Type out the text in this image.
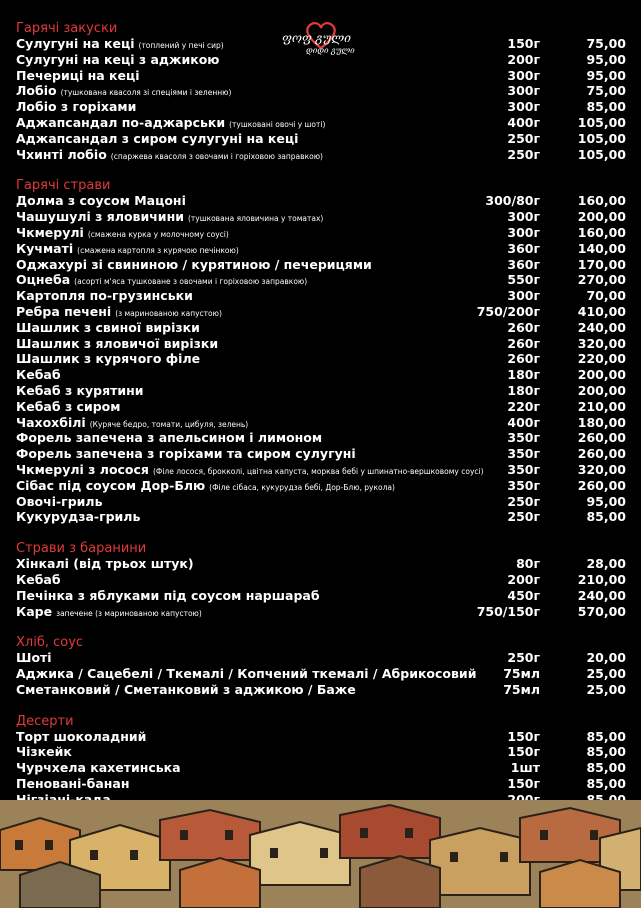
ფოფ გული
დიდი გული
Гарячі закуски
Сулугуні на кеці (топлений у печі сир)	150г	75,00
Сулугуні на кеці з аджикою	200г	95,00
Печериці на кеці	300г	95,00
Лобіо (тушкована квасоля зі спеціями і зеленню)	300г	75,00
Лобіо з горіхами	300г	85,00
Аджапсандал по-аджарськи (тушковані овочі у шоті)	400г	105,00
Аджапсандал з сиром сулугуні на кеці	250г	105,00
Чхинті лобіо (спаржева квасоля з овочами і горіховою заправкою)	250г	105,00
Гарячі страви
Долма з соусом Мацоні	300/80г	160,00
Чашушулі з яловичини (тушкована яловичина у томатах)	300г	200,00
Чкмерулі (смажена курка у молочному соусі)	300г	160,00
Кучматі (смажена картопля з курячою печінкою)	360г	140,00
Оджахурі зі свининою / курятиною / печерицями	360г	170,00
Оцнеба (асорті м'яса тушковане з овочами і горіховою заправкою)	550г	270,00
Картопля по-грузинськи	300г	70,00
Ребра печені (з маринованою капустою)	750/200г	410,00
Шашлик з свиної вирізки	260г	240,00
Шашлик з яловичої вирізки	260г	320,00
Шашлик з курячого філе	260г	220,00
Кебаб	180г	200,00
Кебаб з курятини	180г	200,00
Кебаб з сиром	220г	210,00
Чахохбілі (Куряче бедро, томати, цибуля, зелень)	400г	180,00
Форель запечена з апельсином і лимоном	350г	260,00
Форель запечена з горіхами та сиром сулугуні	350г	260,00
Чкмерулі з лосося (Філе лосося, брокколі, цвітна капуста, морква бебі у шпинатно-вершковому соусі) 350г	320,00
Сібас під соусом Дор-Блю (Філе сібаса, кукурудза бебі, Дор-Блю, рукола)	350г	260,00
Овочі-гриль	250г	95,00
Кукурудза-гриль	250г	85,00
Страви з баранини
Хінкалі (від трьох штук)	80г	28,00
Кебаб	200г	210,00
Печінка з яблуками під соусом наршараб	450г	240,00
Каре запечене (з маринованою капустою)	750/150г	570,00
Хліб, соус
Шоті	250г	20,00
Аджика / Сацебелі / Ткемалі / Копчений ткемалі / Абрикосовий 75мл	25,00
Сметанковий / Сметанковий з аджикою / Баже	75мл	25,00
Десерти
Торт шоколадний	150г	85,00
Чізкейк	150г	85,00
Чурчхела кахетинська	1шт	85,00
Пеновані-банан	150г	85,00
